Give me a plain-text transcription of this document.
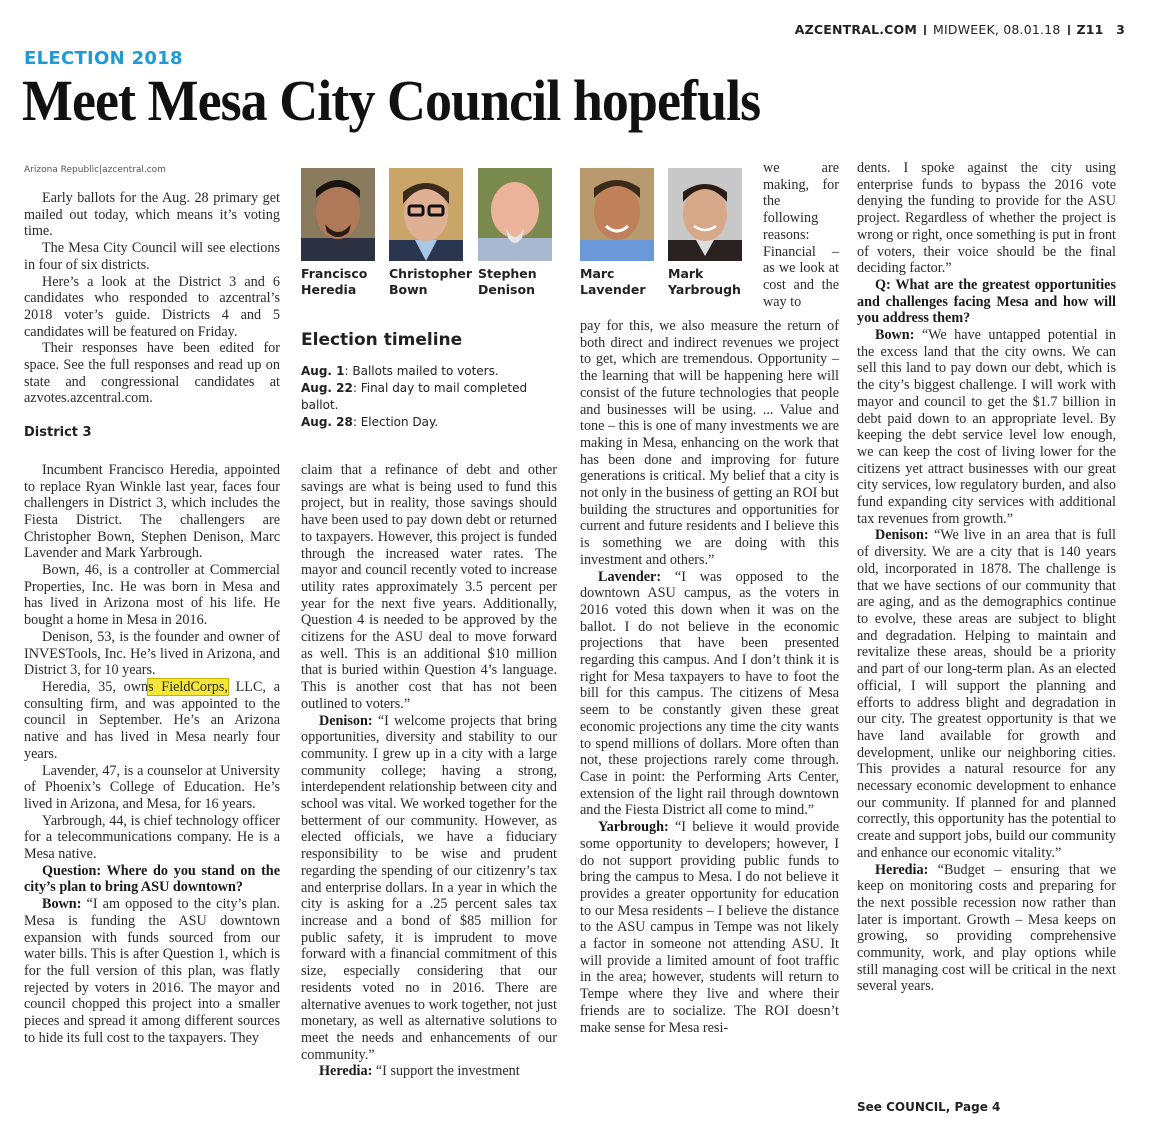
AZCENTRAL.COM MIDWEEK, 08.01.18 Z11 3
ELECTION 2018
Meet Mesa City Council hopefuls
Arizona Republic|azcentral.com

Early ballots for the Aug. 28 primary get mailed out today, which means it’s voting time.

The Mesa City Council will see elections in four of six districts.

Here’s a look at the District 3 and 6 candidates who responded to azcentral’s 2018 voter’s guide. Districts 4 and 5 candidates will be featured on Friday.

Their responses have been edited for space. See the full responses and read up on state and congressional candidates at azvotes.azcentral.com.

District 3

Incumbent Francisco Heredia, appointed to replace Ryan Winkle last year, faces four challengers in District 3, which includes the Fiesta District. The challengers are Christopher Bown, Stephen Denison, Marc Lavender and Mark Yarbrough.

Bown, 46, is a controller at Commercial Properties, Inc. He was born in Mesa and has lived in Arizona most of his life. He bought a home in Mesa in 2016.

Denison, 53, is the founder and owner of INVESTools, Inc. He’s lived in Arizona, and District 3, for 10 years.

Heredia, 35, owns FieldCorps, LLC, a consulting firm, and was appointed to the council in September. He’s an Arizona native and has lived in Mesa nearly four years.

Lavender, 47, is a counselor at University of Phoenix’s College of Education. He’s lived in Arizona, and Mesa, for 16 years.

Yarbrough, 44, is chief technology officer for a telecommunications company. He is a Mesa native.

Question: Where do you stand on the city’s plan to bring ASU downtown?

Bown: “I am opposed to the city’s plan. Mesa is funding the ASU downtown expansion with funds sourced from our water bills. This is after Question 1, which is for the full version of this plan, was flatly rejected by voters in 2016. The mayor and council chopped this project into a smaller pieces and spread it among different sources to hide its full cost to the taxpayers. They

Francisco
Heredia
Christopher
Bown
Stephen
Denison
Marc
Lavender
Mark
Yarbrough
Election timeline
Aug. 1: Ballots mailed to voters.
Aug. 22: Final day to mail completed ballot.
Aug. 28: Election Day.

claim that a refinance of debt and other savings are what is being used to fund this project, but in reality, those savings should have been used to pay down debt or returned to taxpayers. However, this project is funded through the increased water rates. The mayor and council recently voted to increase utility rates approximately 3.5 percent per year for the next five years. Additionally, Question 4 is needed to be approved by the citizens for the ASU deal to move forward as well. This is an additional $10 million that is buried within Question 4’s language. This is another cost that has not been outlined to voters.”

Denison: “I welcome projects that bring opportunities, diversity and stability to our community. I grew up in a city with a large community college; having a strong, interdependent relationship between city and school was vital. We worked together for the betterment of our community. However, as elected officials, we have a fiduciary responsibility to be wise and prudent regarding the spending of our citizenry’s tax and enterprise dollars. In a year in which the city is asking for a .25 percent sales tax increase and a bond of $85 million for public safety, it is imprudent to move forward with a financial commitment of this size, especially considering that our residents voted no in 2016. There are alternative avenues to work together, not just monetary, as well as alternative solutions to meet the needs and enhancements of our community.”

Heredia: “I support the investment

we are making, for the following reasons: Financial – as we look at cost and the way to

pay for this, we also measure the return of both direct and indirect revenues we project to get, which are tremendous. Opportunity – the learning that will be happening here will consist of the future technologies that people and businesses will be using. ... Value and tone – this is one of many investments we are making in Mesa, enhancing on the work that has been done and improving for future generations is critical. My belief that a city is not only in the business of getting an ROI but building the structures and opportunities for current and future residents and I believe this is something we are doing with this investment and others.”

Lavender: “I was opposed to the downtown ASU campus, as the voters in 2016 voted this down when it was on the ballot. I do not believe in the economic projections that have been presented regarding this campus. And I don’t think it is right for Mesa taxpayers to have to foot the bill for this campus. The citizens of Mesa seem to be constantly given these great economic projections any time the city wants to spend millions of dollars. More often than not, these projections rarely come through. Case in point: the Performing Arts Center, extension of the light rail through downtown and the Fiesta District all come to mind.”

Yarbrough: “I believe it would provide some opportunity to developers; however, I do not support providing public funds to bring the campus to Mesa. I do not believe it provides a greater opportunity for education to our Mesa residents – I believe the distance to the ASU campus in Tempe was not likely a factor in someone not attending ASU. It will provide a limited amount of foot traffic in the area; however, students will return to Tempe where they live and where their friends are to socialize. The ROI doesn’t make sense for Mesa resi-

dents. I spoke against the city using enterprise funds to bypass the 2016 vote denying the funding to provide for the ASU project. Regardless of whether the project is wrong or right, once something is put in front of voters, their voice should be the final deciding factor.”

Q: What are the greatest opportunities and challenges facing Mesa and how will you address them?

Bown: “We have untapped potential in the excess land that the city owns. We can sell this land to pay down our debt, which is the city’s biggest challenge. I will work with mayor and council to get the $1.7 billion in debt paid down to an appropriate level. By keeping the debt service level low enough, we can keep the cost of living lower for the citizens yet attract businesses with our great city services, low regulatory burden, and also fund expanding city services with additional tax revenues from growth.”

Denison: “We live in an area that is full of diversity. We are a city that is 140 years old, incorporated in 1878. The challenge is that we have sections of our community that are aging, and as the demographics continue to evolve, these areas are subject to blight and degradation. Helping to maintain and revitalize these areas, should be a priority and part of our long-term plan. As an elected official, I will support the planning and efforts to address blight and degradation in our city. The greatest opportunity is that we have land available for growth and development, unlike our neighboring cities. This provides a natural resource for any necessary economic development to enhance our community. If planned for and planned correctly, this opportunity has the potential to create and support jobs, build our community and enhance our economic vitality.”

Heredia: “Budget – ensuring that we keep on monitoring costs and preparing for the next possible recession now rather than later is important. Growth – Mesa keeps on growing, so providing comprehensive community, work, and play options while still managing cost will be critical in the next several years.

See COUNCIL, Page 4
